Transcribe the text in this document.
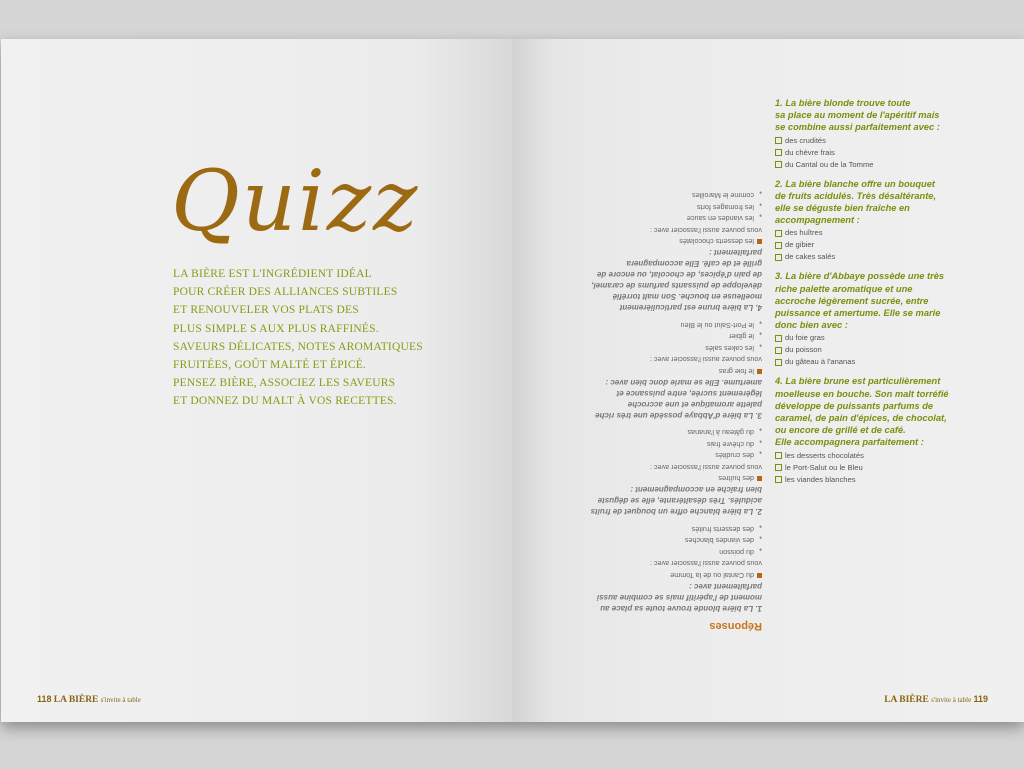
Quizz

LA BIÈRE EST L'INGRÉDIENT IDÉAL
POUR CRÉER DES ALLIANCES SUBTILES
ET RENOUVELER VOS PLATS DES
PLUS SIMPLE S AUX PLUS RAFFINÉS.
SAVEURS DÉLICATES, NOTES AROMATIQUES
FRUITÉES, GOÛT MALTÉ ET ÉPICÉ.
PENSEZ BIÈRE, ASSOCIEZ LES SAVEURS
ET DONNEZ DU MALT À VOS RECETTES.

118 LA BIÈRE s'invite à table
Réponses

1. La bière blonde trouve toute sa place au
moment de l'apéritif mais se combine aussi
parfaitement avec :

du Cantal ou de la Tomme
vous pouvez aussi l'associer avec :
•
du poisson
•
des viandes blanches
•
des desserts fruités

2. La bière blanche offre un bouquet de fruits
acidulés. Très désaltérante, elle se déguste
bien fraîche en accompagnement :

des huîtres
vous pouvez aussi l'associer avec :
•
des crudités
•
du chèvre frais
•
du gâteau à l'ananas

3. La bière d'Abbaye possède une très riche
palette aromatique et une accroche
légèrement sucrée, entre puissance et
amertume. Elle se marie donc bien avec :

le foie gras
vous pouvez aussi l'associer avec :
•
les cakes salés
•
le gibier
•
le Port-Salut ou le Bleu

4. La bière brune est particulièrement
moelleuse en bouche. Son malt torréfié
développe de puissants parfums de caramel,
de pain d'épices, de chocolat, ou encore de
grillé et de café. Elle accompagnera
parfaitement :

les desserts chocolatés
vous pouvez aussi l'associer avec :
•
les viandes en sauce
•
les fromages forts
•
comme le Maroilles

1. La bière blonde trouve toute
sa place au moment de l'apéritif mais
se combine aussi parfaitement avec :

des crudités
du chèvre frais
du Cantal ou de la Tomme

2. La bière blanche offre un bouquet
de fruits acidulés. Très désaltérante,
elle se déguste bien fraîche en
accompagnement :

des huîtres
de gibier
de cakes salés

3. La bière d'Abbaye possède une très
riche palette aromatique et une
accroche légèrement sucrée, entre
puissance et amertume. Elle se marie
donc bien avec :

du foie gras
du poisson
du gâteau à l'ananas

4. La bière brune est particulièrement
moelleuse en bouche. Son malt torréfié
développe de puissants parfums de
caramel, de pain d'épices, de chocolat,
ou encore de grillé et de café.
Elle accompagnera parfaitement :

les desserts chocolatés
le Port-Salut ou le Bleu
les viandes blanches
LA BIÈRE s'invite à table 119
